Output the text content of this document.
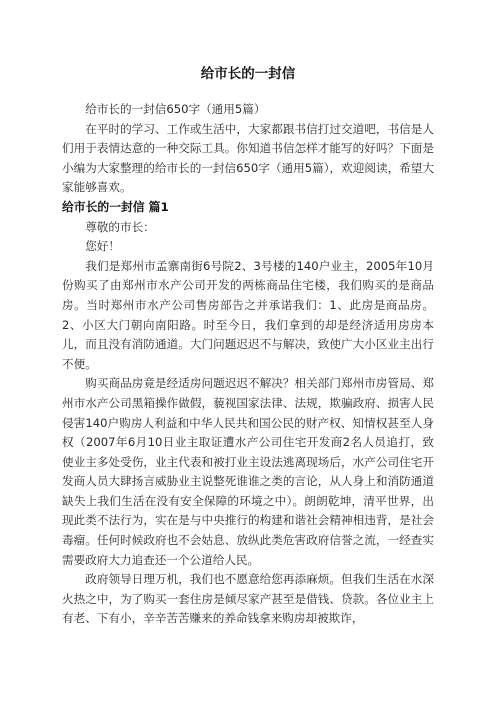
给市长的一封信

给市长的一封信650字（通用5篇）

在平时的学习、工作或生活中，大家都跟书信打过交道吧，书信是人们用于表情达意的一种交际工具。你知道书信怎样才能写的好吗？下面是小编为大家整理的给市长的一封信650字（通用5篇），欢迎阅读，希望大家能够喜欢。

给市长的一封信 篇1

尊敬的市长：

您好！

我们是郑州市孟寨南街6号院2、3号楼的140户业主，2005年10月份购买了由郑州市水产公司开发的两栋商品住宅楼，我们购买的是商品房。当时郑州市水产公司售房部告之并承诺我们：1、此房是商品房。2、小区大门朝向南阳路。时至今日，我们拿到的却是经济适用房房本儿，而且没有消防通道。大门问题迟迟不与解决，致使广大小区业主出行不便。

购买商品房竟是经适房问题迟迟不解决？相关部门郑州市房管局、郑州市水产公司黑箱操作做假，藐视国家法律、法规，欺骗政府、损害人民侵害140户购房人利益和中华人民共和国公民的财产权、知情权甚至人身权（2007年6月10日业主取证遭水产公司住宅开发商2名人员追打，致使业主多处受伤，业主代表和被打业主设法逃离现场后，水产公司住宅开发商人员大肆扬言威胁业主说整死谁谁之类的言论，从人身上和消防通道缺失上我们生活在没有安全保障的环境之中）。朗朗乾坤，清平世界，出现此类不法行为，实在是与中央推行的构建和谐社会精神相违背，是社会毒瘤。任何时候政府也不会姑息、放纵此类危害政府信誉之流，一经查实需要政府大力追查还一个公道给人民。

政府领导日理万机，我们也不愿意给您再添麻烦。但我们生活在水深火热之中，为了购买一套住房是倾尽家产甚至是借钱、贷款。各位业主上有老、下有小，辛辛苦苦赚来的养命钱拿来购房却被欺诈，
